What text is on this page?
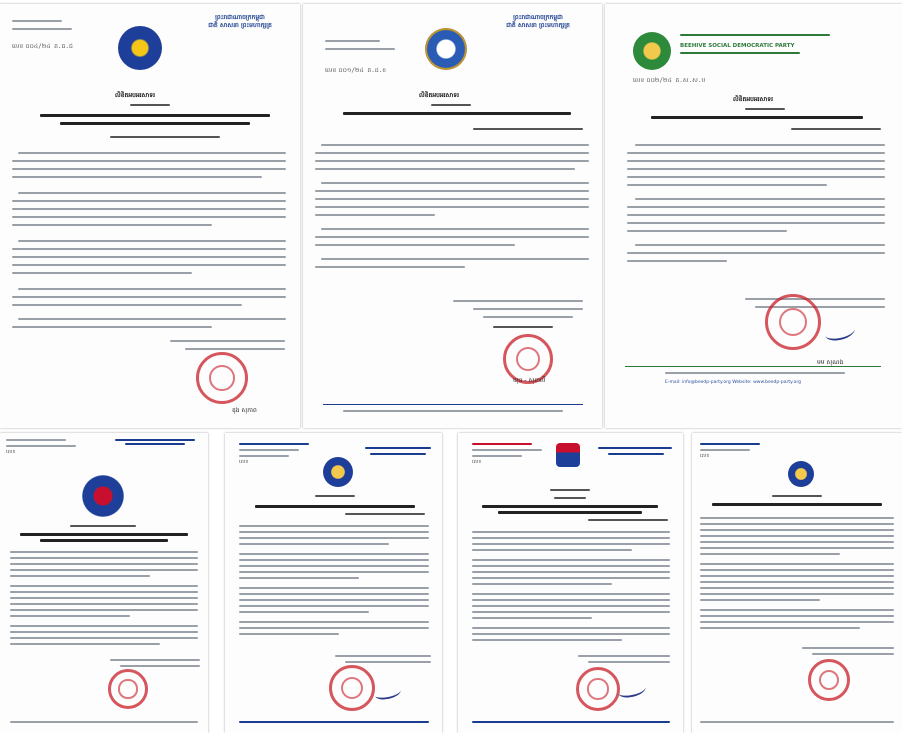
ព្រះរាជាណាចក្រកម្ពុជា
ជាតិ សាសនា ព្រះមហាក្សត្រ
លេខ ០០៤/២៤ គ.ធ.ជ
លិខិតអបអរសាទរ
ឌុង សុភាព
ព្រះរាជាណាចក្រកម្ពុជា
ជាតិ សាសនា ព្រះមហាក្សត្រ
លេខ ០០១/២៤ គ.ដ.ខ
លិខិតអបអរសាទរ
ឃុន - សុខាលី
BEEHIVE SOCIAL DEMOCRATIC PARTY
លេខ ០០២/២៤ គ.ស.ស.ប
លិខិតអបអរសាទរ
មម សុណង
E-mail: info@beedp-party.org Website: www.beedp-party.org
លេខ
លេខ	លេខ
លេខ
